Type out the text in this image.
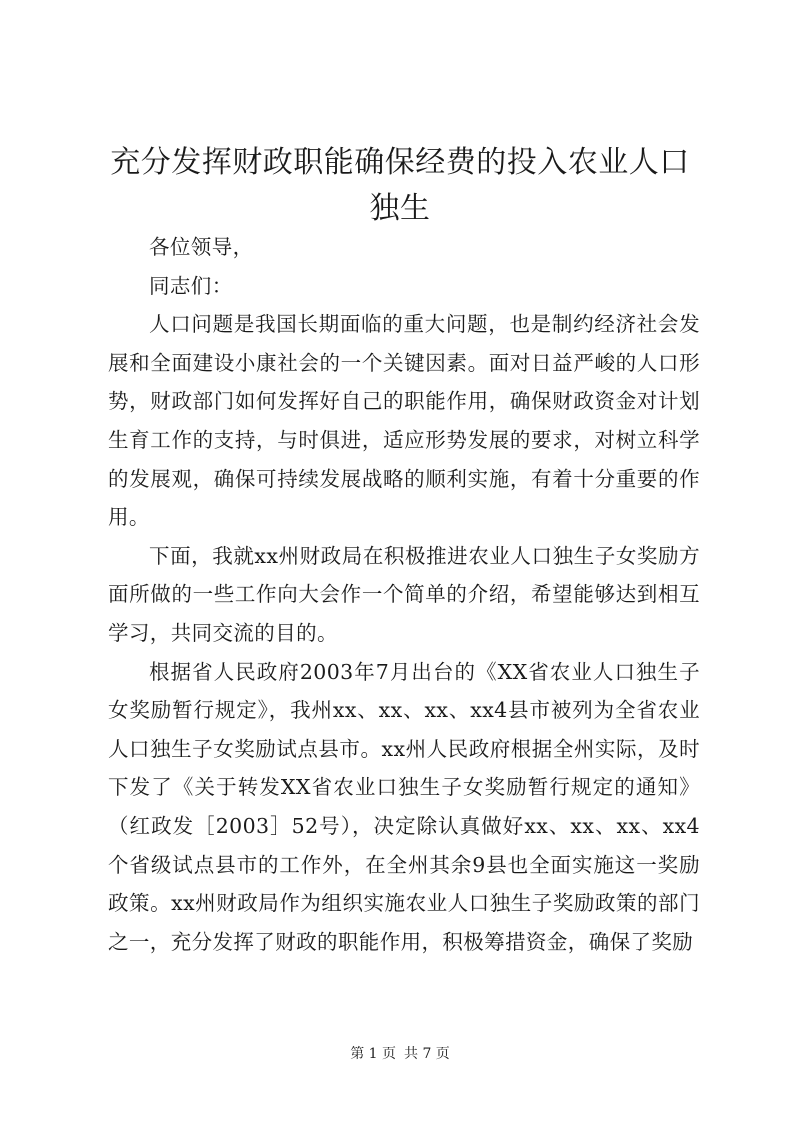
充分发挥财政职能确保经费的投入农业人口独生

各位领导，

同志们：

人口问题是我国长期面临的重大问题，也是制约经济社会发展和全面建设小康社会的一个关键因素。面对日益严峻的人口形势，财政部门如何发挥好自己的职能作用，确保财政资金对计划生育工作的支持，与时俱进，适应形势发展的要求，对树立科学的发展观，确保可持续发展战略的顺利实施，有着十分重要的作用。

下面，我就xx州财政局在积极推进农业人口独生子女奖励方面所做的一些工作向大会作一个简单的介绍，希望能够达到相互学习，共同交流的目的。

根据省人民政府2003年7月出台的《XX省农业人口独生子女奖励暂行规定》，我州xx、xx、xx、xx4县市被列为全省农业人口独生子女奖励试点县市。xx州人民政府根据全州实际，及时下发了《关于转发XX省农业口独生子女奖励暂行规定的通知》（红政发［2003］52号），决定除认真做好xx、xx、xx、xx4个省级试点县市的工作外，在全州其余9县也全面实施这一奖励政策。xx州财政局作为组织实施农业人口独生子奖励政策的部门之一，充分发挥了财政的职能作用，积极筹措资金，确保了奖励

第 1 页 共 7 页
